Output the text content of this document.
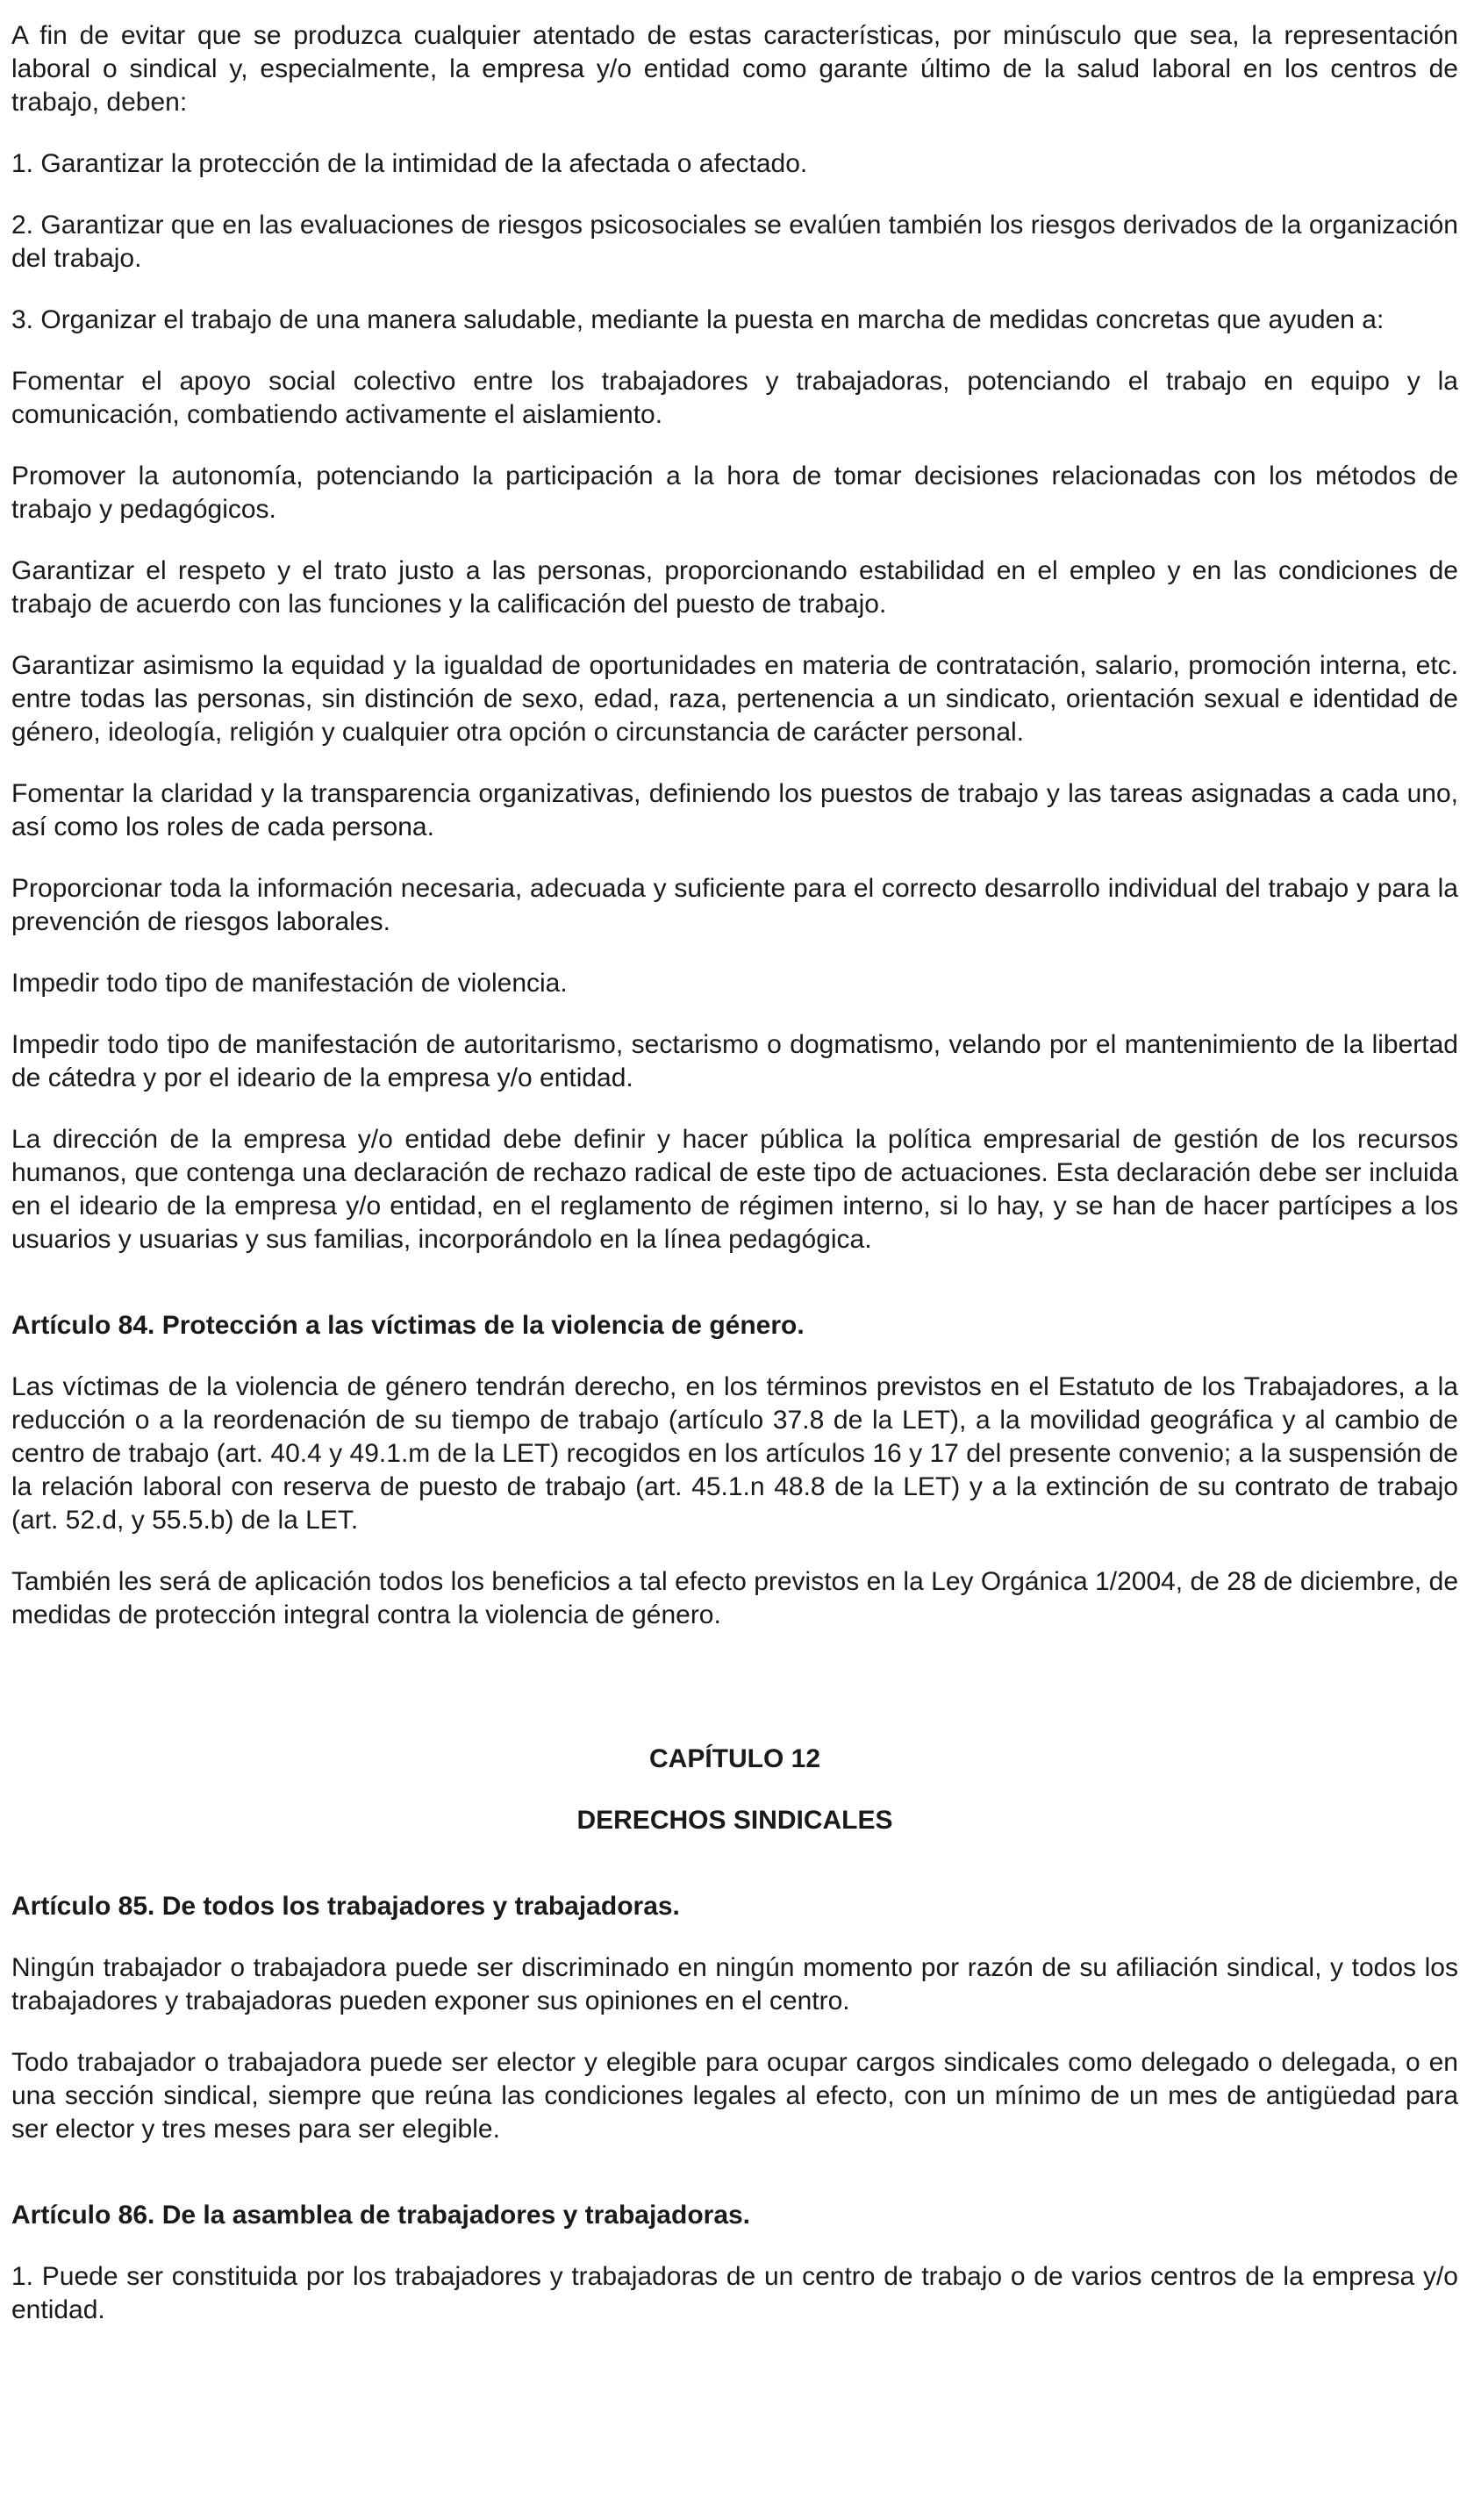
A fin de evitar que se produzca cualquier atentado de estas características, por minúsculo que sea, la representación laboral o sindical y, especialmente, la empresa y/o entidad como garante último de la salud laboral en los centros de trabajo, deben:

1. Garantizar la protección de la intimidad de la afectada o afectado.

2. Garantizar que en las evaluaciones de riesgos psicosociales se evalúen también los riesgos derivados de la organización del trabajo.

3. Organizar el trabajo de una manera saludable, mediante la puesta en marcha de medidas concretas que ayuden a:

Fomentar el apoyo social colectivo entre los trabajadores y trabajadoras, potenciando el trabajo en equipo y la comunicación, combatiendo activamente el aislamiento.

Promover la autonomía, potenciando la participación a la hora de tomar decisiones relacionadas con los métodos de trabajo y pedagógicos.

Garantizar el respeto y el trato justo a las personas, proporcionando estabilidad en el empleo y en las condiciones de trabajo de acuerdo con las funciones y la calificación del puesto de trabajo.

Garantizar asimismo la equidad y la igualdad de oportunidades en materia de contratación, salario, promoción interna, etc. entre todas las personas, sin distinción de sexo, edad, raza, pertenencia a un sindicato, orientación sexual e identidad de género, ideología, religión y cualquier otra opción o circunstancia de carácter personal.

Fomentar la claridad y la transparencia organizativas, definiendo los puestos de trabajo y las tareas asignadas a cada uno, así como los roles de cada persona.

Proporcionar toda la información necesaria, adecuada y suficiente para el correcto desarrollo individual del trabajo y para la prevención de riesgos laborales.

Impedir todo tipo de manifestación de violencia.

Impedir todo tipo de manifestación de autoritarismo, sectarismo o dogmatismo, velando por el mantenimiento de la libertad de cátedra y por el ideario de la empresa y/o entidad.

La dirección de la empresa y/o entidad debe definir y hacer pública la política empresarial de gestión de los recursos humanos, que contenga una declaración de rechazo radical de este tipo de actuaciones. Esta declaración debe ser incluida en el ideario de la empresa y/o entidad, en el reglamento de régimen interno, si lo hay, y se han de hacer partícipes a los usuarios y usuarias y sus familias, incorporándolo en la línea pedagógica.

Artículo 84. Protección a las víctimas de la violencia de género.

Las víctimas de la violencia de género tendrán derecho, en los términos previstos en el Estatuto de los Trabajadores, a la reducción o a la reordenación de su tiempo de trabajo (artículo 37.8 de la LET), a la movilidad geográfica y al cambio de centro de trabajo (art. 40.4 y 49.1.m de la LET) recogidos en los artículos 16 y 17 del presente convenio; a la suspensión de la relación laboral con reserva de puesto de trabajo (art. 45.1.n 48.8 de la LET) y a la extinción de su contrato de trabajo (art. 52.d, y 55.5.b) de la LET.

También les será de aplicación todos los beneficios a tal efecto previstos en la Ley Orgánica 1/2004, de 28 de diciembre, de medidas de protección integral contra la violencia de género.

CAPÍTULO 12

DERECHOS SINDICALES

Artículo 85. De todos los trabajadores y trabajadoras.

Ningún trabajador o trabajadora puede ser discriminado en ningún momento por razón de su afiliación sindical, y todos los trabajadores y trabajadoras pueden exponer sus opiniones en el centro.

Todo trabajador o trabajadora puede ser elector y elegible para ocupar cargos sindicales como delegado o delegada, o en una sección sindical, siempre que reúna las condiciones legales al efecto, con un mínimo de un mes de antigüedad para ser elector y tres meses para ser elegible.

Artículo 86. De la asamblea de trabajadores y trabajadoras.

1. Puede ser constituida por los trabajadores y trabajadoras de un centro de trabajo o de varios centros de la empresa y/o entidad.
